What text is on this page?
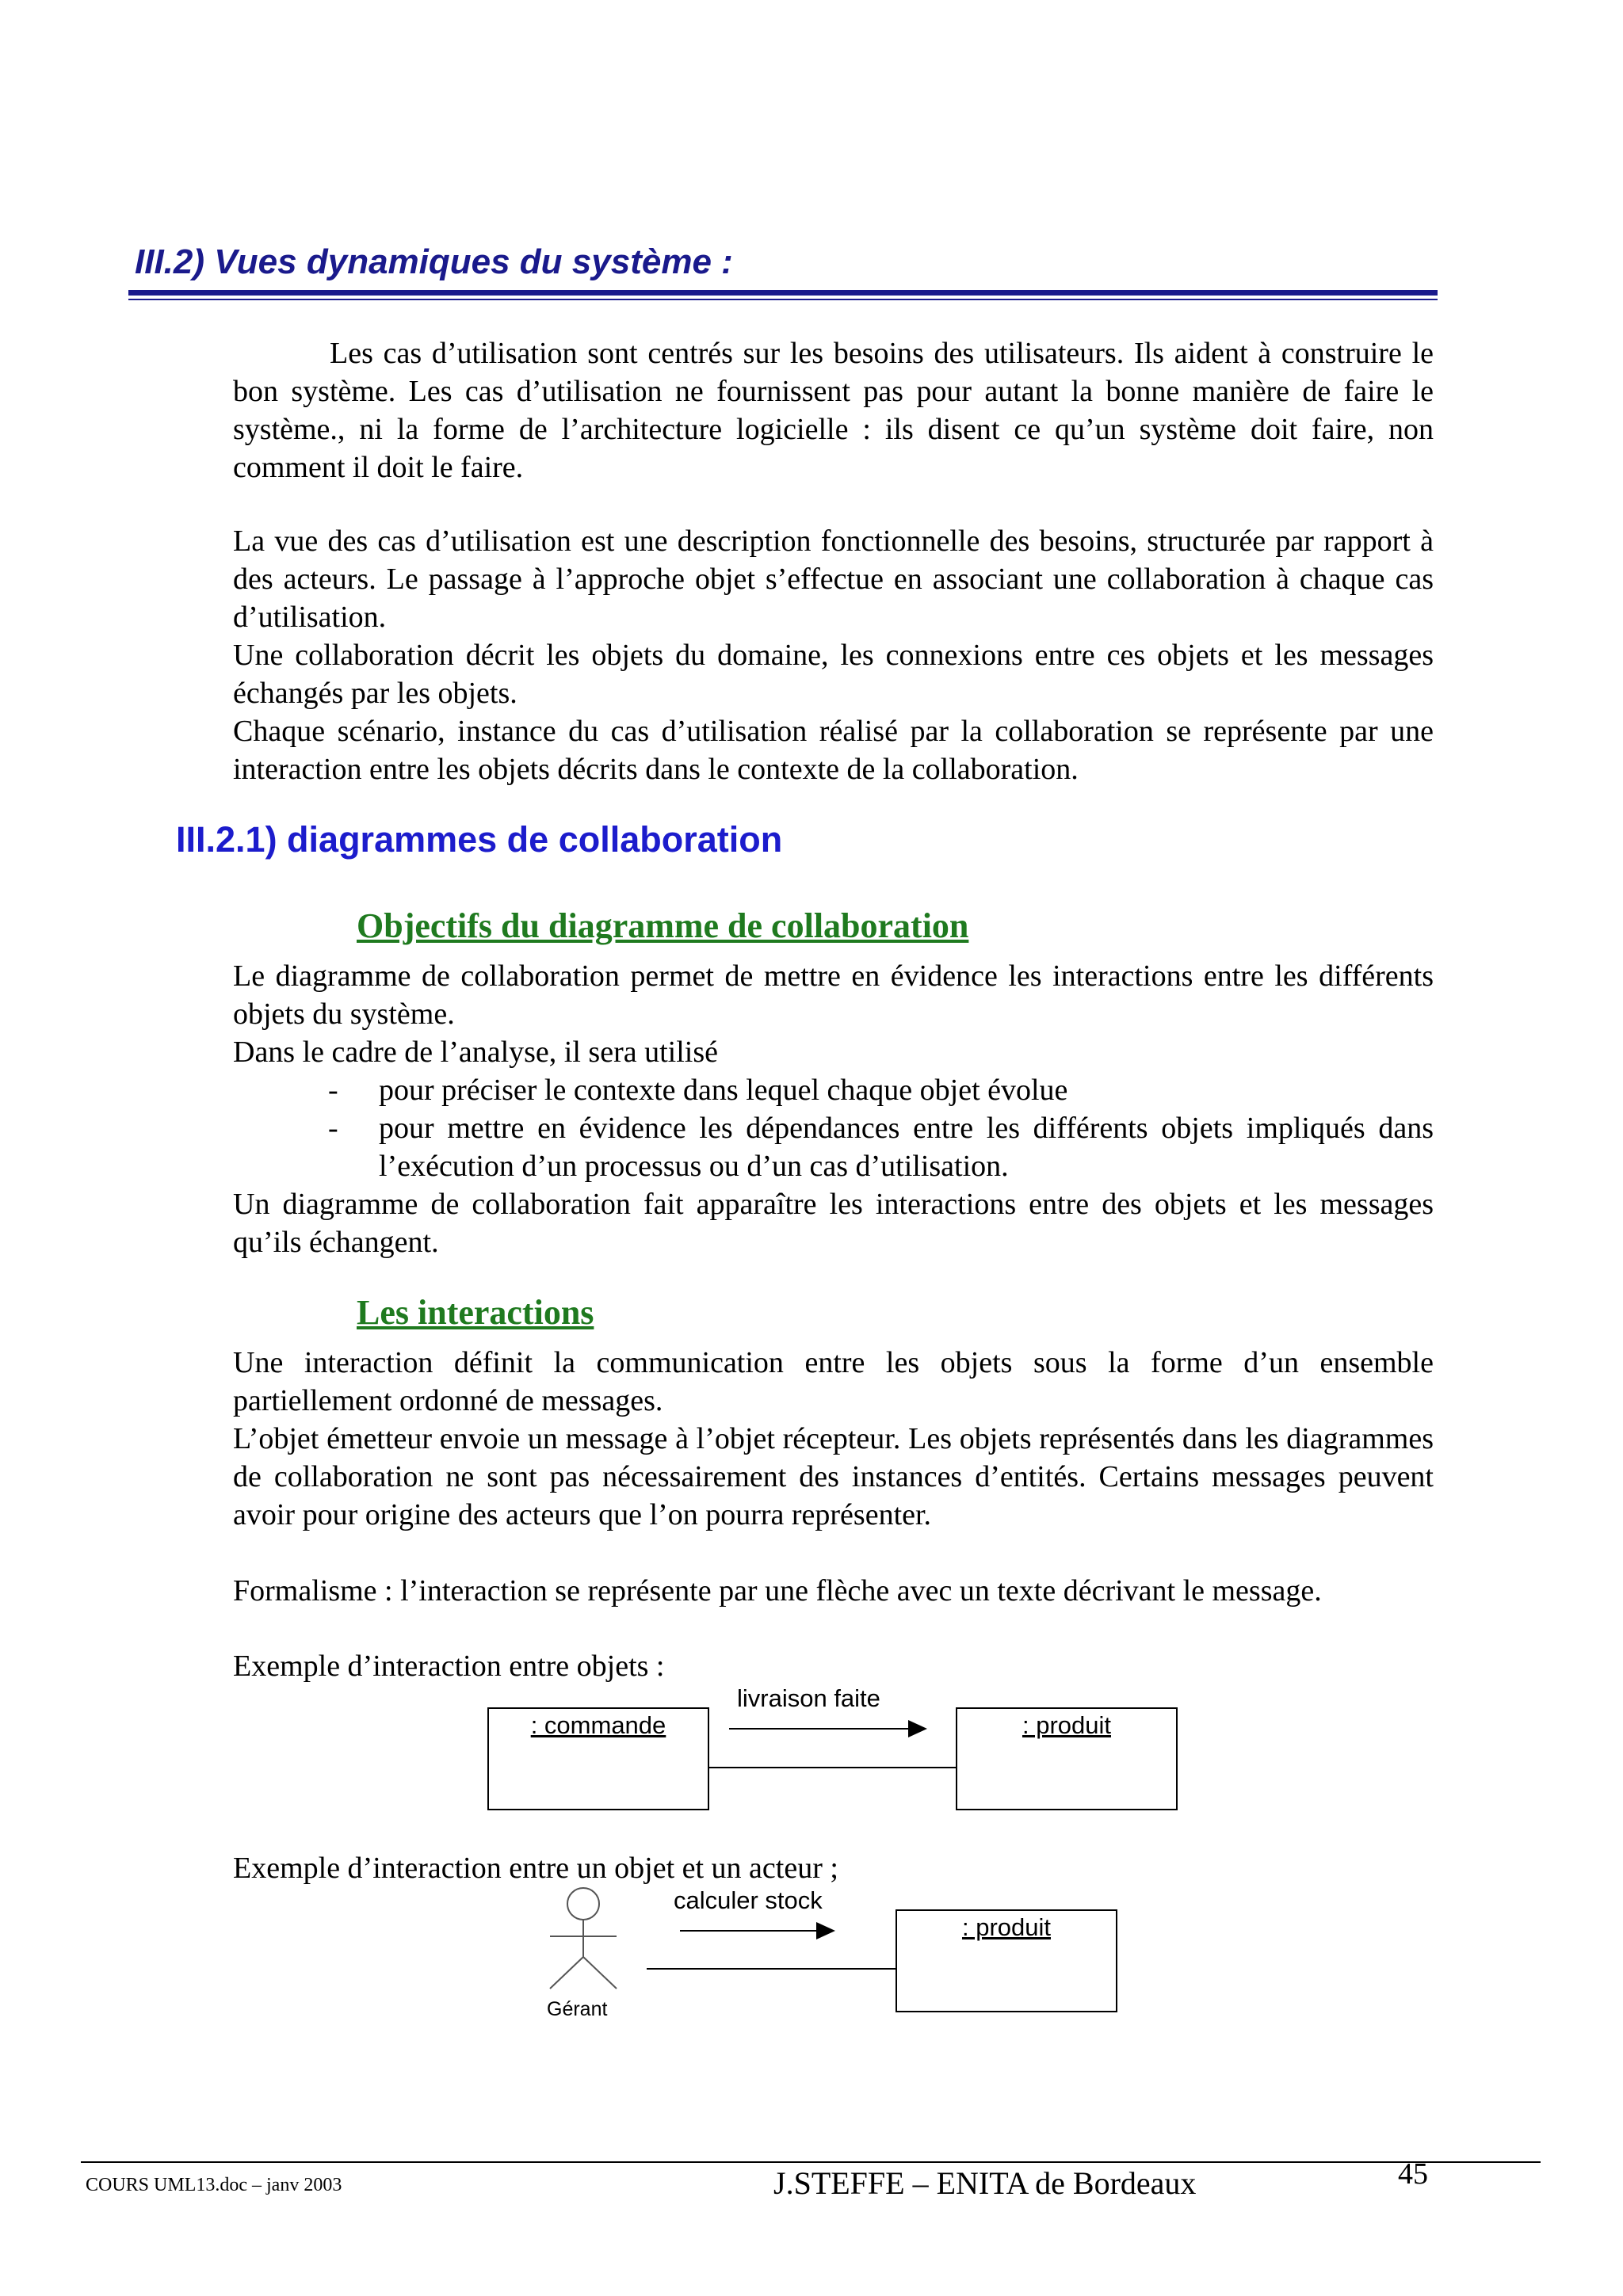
III.2) Vues dynamiques du système :

Les cas d’utilisation sont centrés sur les besoins des utilisateurs. Ils aident à construire le bon système. Les cas d’utilisation ne fournissent pas pour autant la bonne manière de faire le système., ni la forme de l’architecture logicielle : ils disent ce qu’un système doit faire, non comment il doit le faire.

La vue des cas d’utilisation est une description fonctionnelle des besoins, structurée par rapport à des acteurs. Le passage à l’approche objet s’effectue en associant une collaboration à chaque cas d’utilisation.

Une collaboration décrit les objets du domaine, les connexions entre ces objets et les messages échangés par les objets.

Chaque scénario, instance du cas d’utilisation réalisé par la collaboration se représente par une interaction entre les objets décrits dans le contexte de la collaboration.

III.2.1) diagrammes de collaboration
Objectifs du diagramme de collaboration

Le diagramme de collaboration permet de mettre en évidence les interactions entre les différents objets du système.

Dans le cadre de l’analyse, il sera utilisé

- pour préciser le contexte dans lequel chaque objet évolue
- pour mettre en évidence les dépendances entre les différents objets impliqués dans l’exécution d’un processus ou d’un cas d’utilisation.

Un diagramme de collaboration fait apparaître les interactions entre des objets et les messages qu’ils échangent.

Les interactions

Une interaction définit la communication entre les objets sous la forme d’un ensemble partiellement ordonné de messages.

L’objet émetteur envoie un message à l’objet récepteur. Les objets représentés dans les diagrammes de collaboration ne sont pas nécessairement des instances d’entités. Certains messages peuvent avoir pour origine des acteurs que l’on pourra représenter.

Formalisme : l’interaction se représente par une flèche avec un texte décrivant le message.

Exemple d’interaction entre objets :

: commande	: produit
livraison faite

Exemple d’interaction entre un objet et un acteur ;

Gérant
calculer stock
: produit
COURS UML13.doc – janv 2003	J.STEFFE – ENITA de Bordeaux	45
